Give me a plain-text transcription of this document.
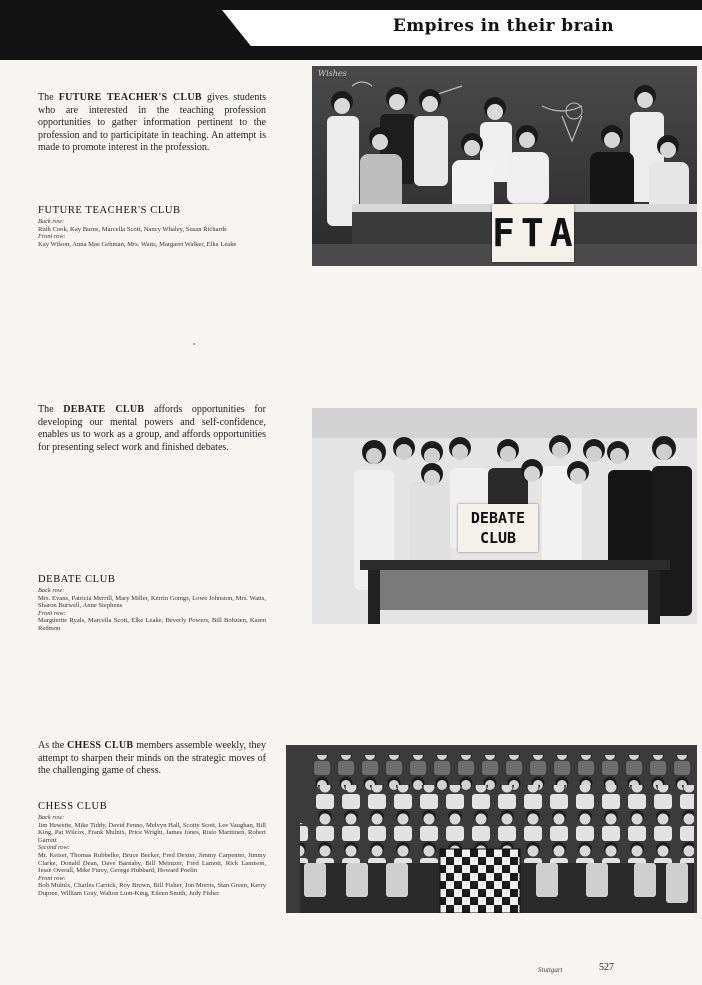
Empires in their brain
The FUTURE TEACHER'S CLUB gives students who are interested in the teaching profession opportunities to gather information pertinent to the profession and to participitate in teaching. An attempt is made to promote interest in the profession.
FUTURE TEACHER'S CLUB
Back row:
Ruth Cook, Kay Burns, Marcella Scott, Nancy Whaley, Susan Richards
Front row:
Kay Wilson, Anna Mae Gehman, Mrs. Watts, Margaret Walker, Elke Leake
Wishes
FTA
The DEBATE CLUB affords opportunities for developing our mental powers and self-confidence, enables us to work as a group, and affords opportunities for presenting select work and finished debates.
DEBATE CLUB
Back row:
Mrs. Evans, Patricia Merrill, Mary Miller, Kerrin Goings, Lowe Johnston, Mrs. Watts, Sharon Burwell, Anne Stephens
Front row:
Marguerite Ryals, Marcella Scott, Elke Leake, Beverly Powers, Bill Bobzien, Karen Redmon
DEBATE
CLUB
As the CHESS CLUB members assemble weekly, they attempt to sharpen their minds on the strategic moves of the challenging game of chess.
CHESS CLUB
Back row:
Jim Hewette, Mike Tiddy, David Fenno, Melvyn Hall, Scotty Scott, Lee Vaughan, Bill King, Pat Wilcox, Frank Mulnix, Price Wright, James Jones, Risto Marttinen, Robert Garrett
Second row:
Mr. Keiser, Thomas Rubbelke, Bruce Becker, Fred Dexter, Jimmy Carpenter, Jimmy Clarke, Donald Dean, Dave Barnaby, Bill Meintzer, Fred Lamott, Rick Lamison, Jesse Overall, Mike Furey, George Hubbard, Howard Poelin
Front row:
Bob Mulnix, Charles Carrick, Roy Brown, Bill Fisher, Jon Morris, Stan Green, Kerry Dupree, William Gray, Walton Lum-King, Eileen Smith, Judy Fisher
Stuttgart	527
